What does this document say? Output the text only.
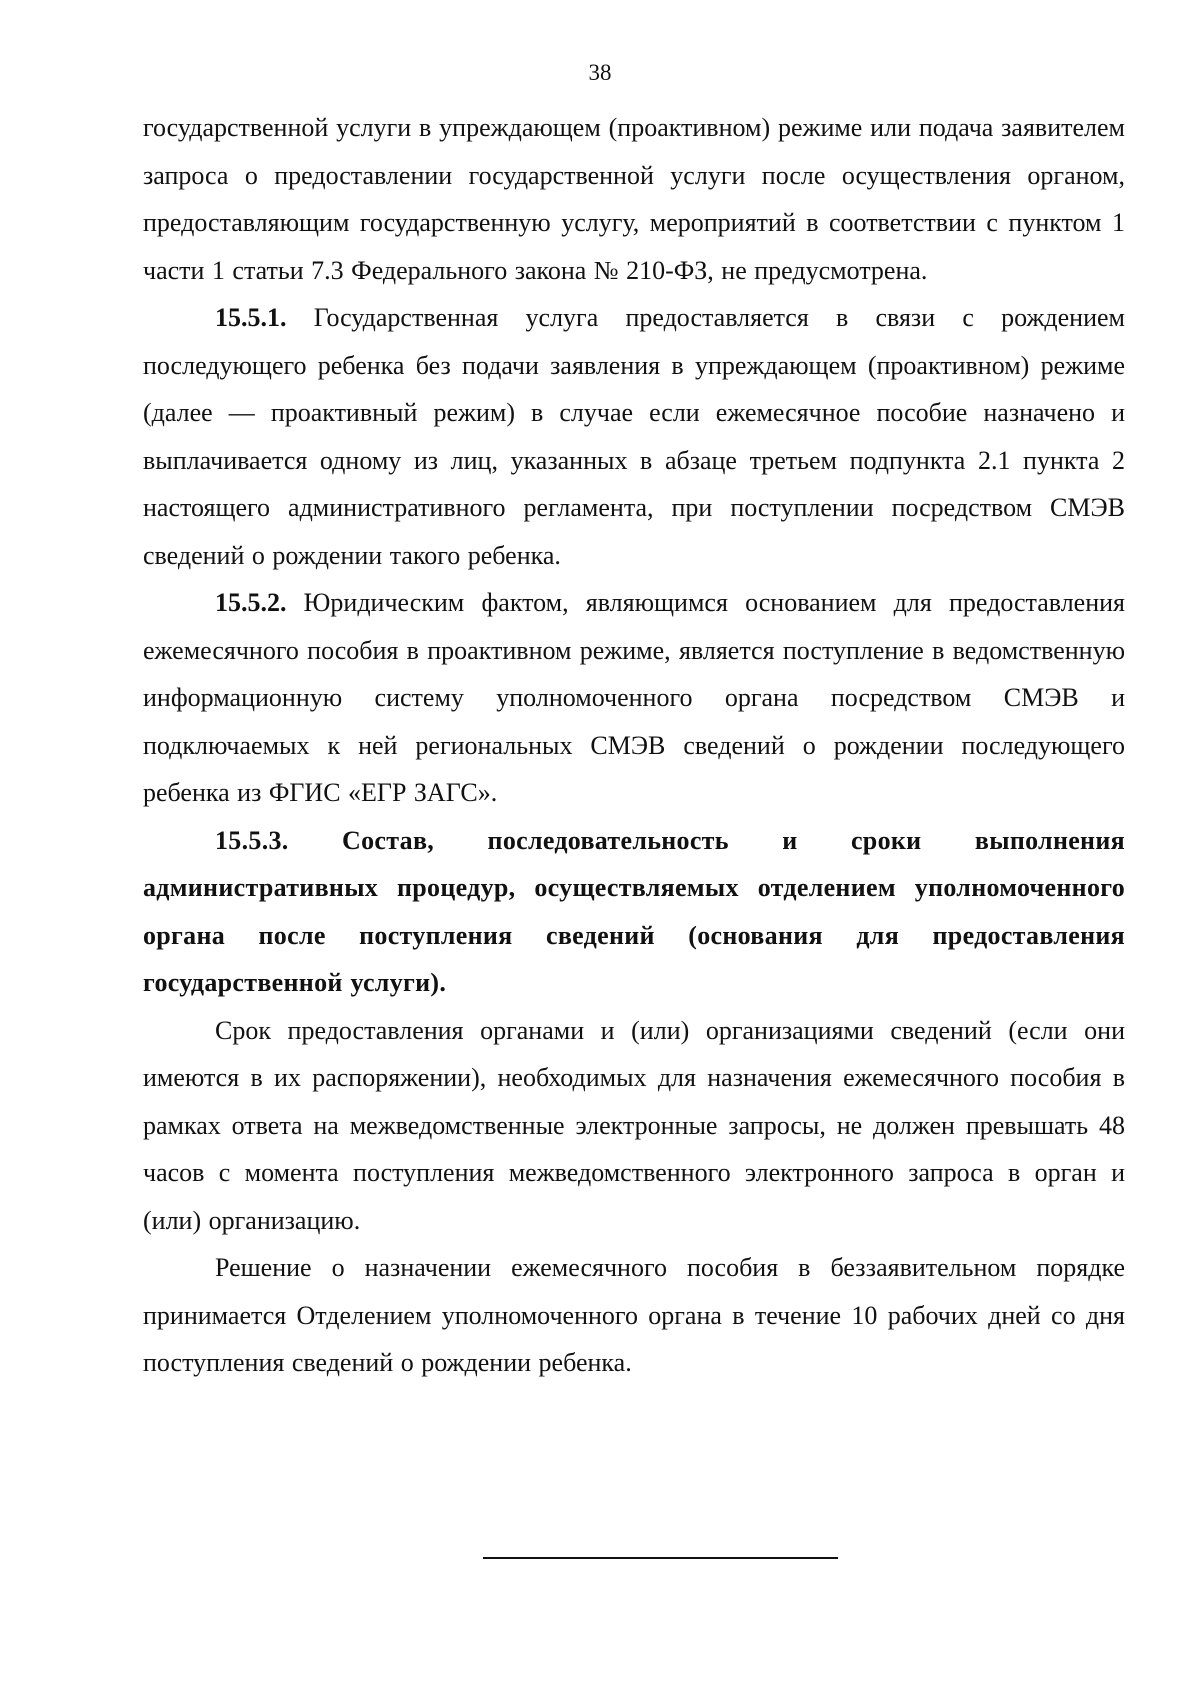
38

государственной услуги в упреждающем (проактивном) режиме или подача заявителем запроса о предоставлении государственной услуги после осуществления органом, предоставляющим государственную услугу, мероприятий в соответствии с пунктом 1 части 1 статьи 7.3 Федерального закона № 210-ФЗ, не предусмотрена.

15.5.1. Государственная услуга предоставляется в связи с рождением последующего ребенка без подачи заявления в упреждающем (проактивном) режиме (далее — проактивный режим) в случае если ежемесячное пособие назначено и выплачивается одному из лиц, указанных в абзаце третьем подпункта 2.1 пункта 2 настоящего административного регламента, при поступлении посредством СМЭВ сведений о рождении такого ребенка.

15.5.2. Юридическим фактом, являющимся основанием для предоставления ежемесячного пособия в проактивном режиме, является поступление в ведомственную информационную систему уполномоченного органа посредством СМЭВ и подключаемых к ней региональных СМЭВ сведений о рождении последующего ребенка из ФГИС «ЕГР ЗАГС».

15.5.3. Состав, последовательность и сроки выполнения административных процедур, осуществляемых отделением уполномоченного органа после поступления сведений (основания для предоставления государственной услуги).

Срок предоставления органами и (или) организациями сведений (если они имеются в их распоряжении), необходимых для назначения ежемесячного пособия в рамках ответа на межведомственные электронные запросы, не должен превышать 48 часов с момента поступления межведомственного электронного запроса в орган и (или) организацию.

Решение о назначении ежемесячного пособия в беззаявительном порядке принимается Отделением уполномоченного органа в течение 10 рабочих дней со дня поступления сведений о рождении ребенка.
